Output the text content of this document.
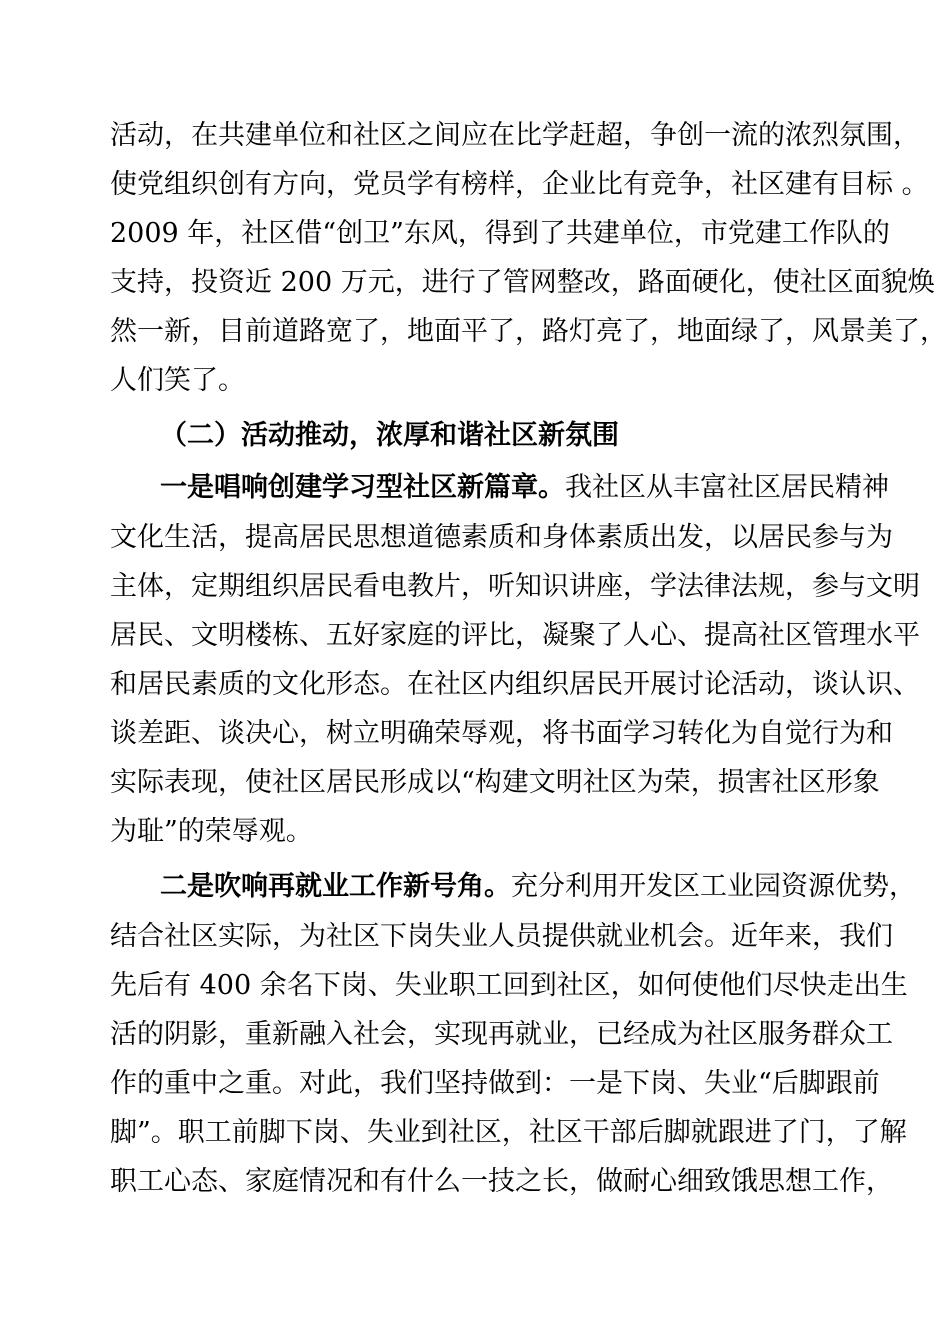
活动，在共建单位和社区之间应在比学赶超，争创一流的浓烈氛围，
使党组织创有方向，党员学有榜样，企业比有竞争，社区建有目标 。
2009 年，社区借“创卫”东风，得到了共建单位，市党建工作队的
支持，投资近 200 万元，进行了管网整改，路面硬化，使社区面貌焕
然一新，目前道路宽了，地面平了，路灯亮了，地面绿了，风景美了，
人们笑了。
（二）活动推动，浓厚和谐社区新氛围
一是唱响创建学习型社区新篇章。我社区从丰富社区居民精神
文化生活，提高居民思想道德素质和身体素质出发，以居民参与为
主体，定期组织居民看电教片，听知识讲座，学法律法规，参与文明
居民、文明楼栋、五好家庭的评比，凝聚了人心、提高社区管理水平
和居民素质的文化形态。在社区内组织居民开展讨论活动，谈认识、
谈差距、谈决心，树立明确荣辱观，将书面学习转化为自觉行为和
实际表现，使社区居民形成以“构建文明社区为荣，损害社区形象
为耻”的荣辱观。
二是吹响再就业工作新号角。充分利用开发区工业园资源优势，
结合社区实际，为社区下岗失业人员提供就业机会。近年来，我们
先后有 400 余名下岗、失业职工回到社区，如何使他们尽快走出生
活的阴影，重新融入社会，实现再就业，已经成为社区服务群众工
作的重中之重。对此，我们坚持做到：一是下岗、失业“后脚跟前
脚”。职工前脚下岗、失业到社区，社区干部后脚就跟进了门，了解
职工心态、家庭情况和有什么一技之长，做耐心细致饿思想工作，
